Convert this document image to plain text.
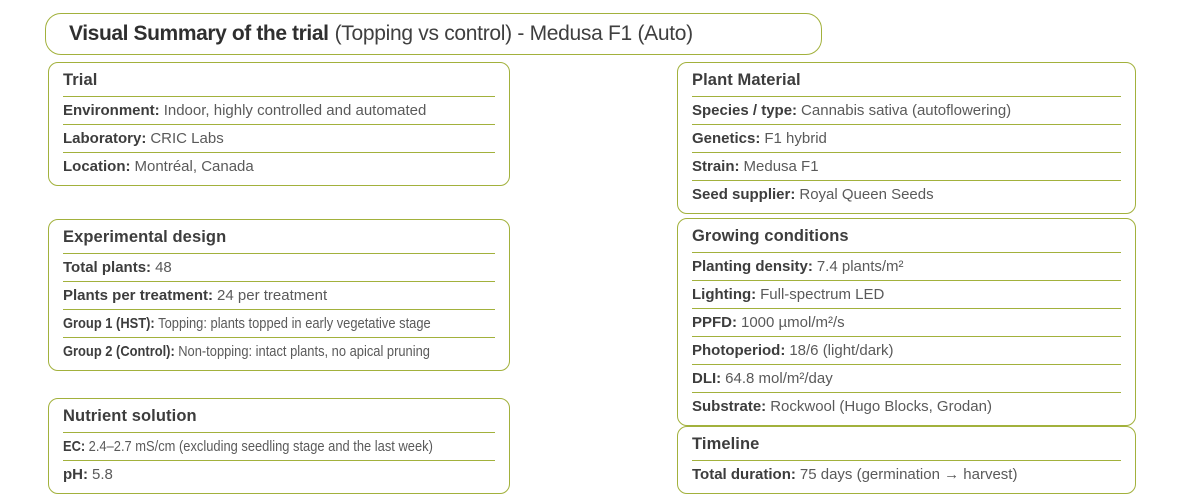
Visual Summary of the trial (Topping vs control) - Medusa F1 (Auto)
Trial
Environment: Indoor, highly controlled and automated
Laboratory: CRIC Labs
Location: Montréal, Canada
Experimental design
Total plants: 48
Plants per treatment: 24 per treatment
Group 1 (HST): Topping: plants topped in early vegetative stage
Group 2 (Control): Non-topping: intact plants, no apical pruning
Nutrient solution
EC: 2.4–2.7 mS/cm (excluding seedling stage and the last week)
pH: 5.8
Plant Material
Species / type: Cannabis sativa (autoflowering)
Genetics: F1 hybrid
Strain: Medusa F1
Seed supplier: Royal Queen Seeds
Growing conditions
Planting density: 7.4 plants/m²
Lighting: Full-spectrum LED
PPFD: 1000 µmol/m²/s
Photoperiod: 18/6 (light/dark)
DLI: 64.8 mol/m²/day
Substrate: Rockwool (Hugo Blocks, Grodan)
Timeline
Total duration: 75 days (germination → harvest)
